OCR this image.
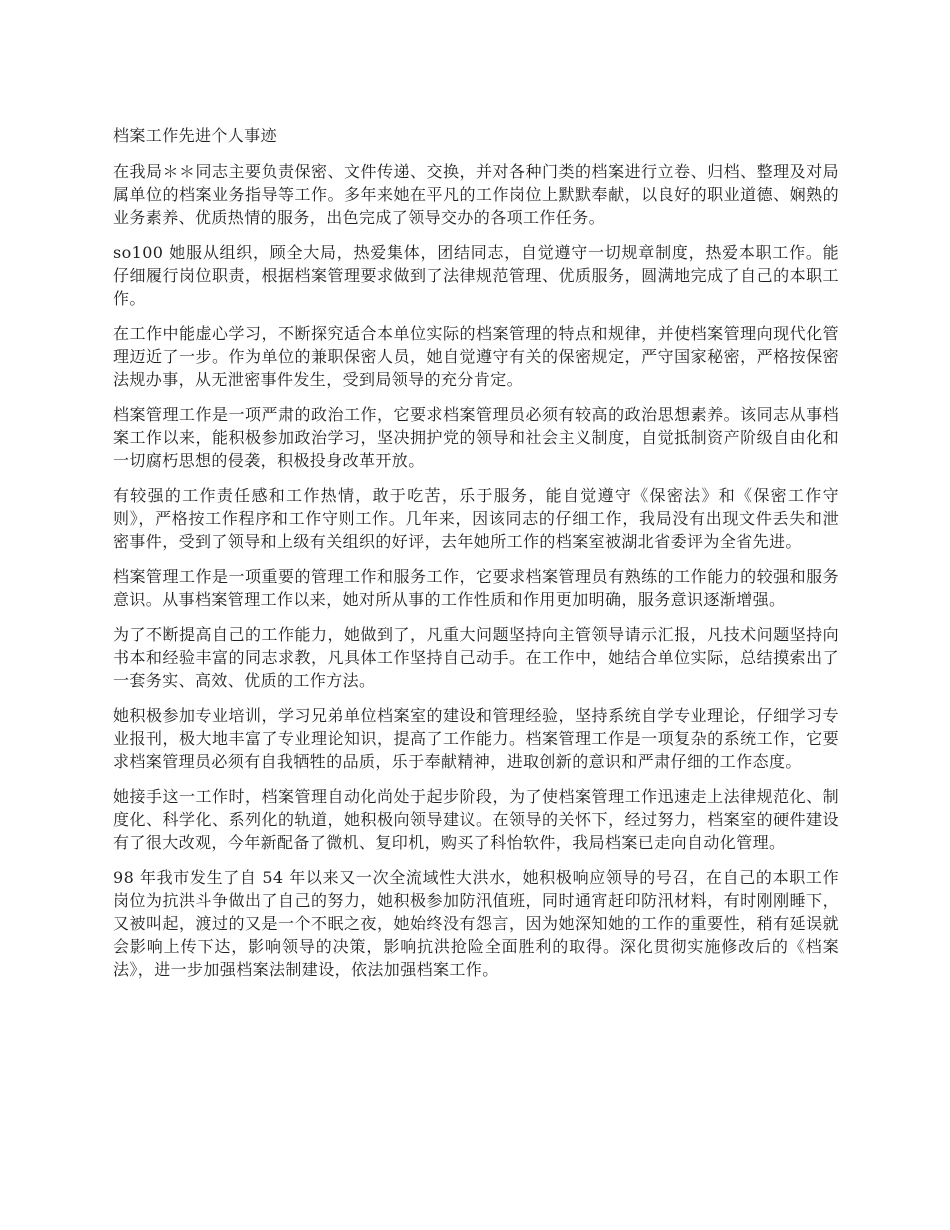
档案工作先进个人事迹

在我局＊＊同志主要负责保密、文件传递、交换，并对各种门类的档案进行立卷、归档、整理及对局属单位的档案业务指导等工作。多年来她在平凡的工作岗位上默默奉献，以良好的职业道德、娴熟的业务素养、优质热情的服务，出色完成了领导交办的各项工作任务。

so100 她服从组织，顾全大局，热爱集体，团结同志，自觉遵守一切规章制度，热爱本职工作。能仔细履行岗位职责，根据档案管理要求做到了法律规范管理、优质服务，圆满地完成了自己的本职工作。

在工作中能虚心学习，不断探究适合本单位实际的档案管理的特点和规律，并使档案管理向现代化管理迈近了一步。作为单位的兼职保密人员，她自觉遵守有关的保密规定，严守国家秘密，严格按保密法规办事，从无泄密事件发生，受到局领导的充分肯定。

档案管理工作是一项严肃的政治工作，它要求档案管理员必须有较高的政治思想素养。该同志从事档案工作以来，能积极参加政治学习，坚决拥护党的领导和社会主义制度，自觉抵制资产阶级自由化和一切腐朽思想的侵袭，积极投身改革开放。

有较强的工作责任感和工作热情，敢于吃苦，乐于服务，能自觉遵守《保密法》和《保密工作守则》，严格按工作程序和工作守则工作。几年来，因该同志的仔细工作，我局没有出现文件丢失和泄密事件，受到了领导和上级有关组织的好评，去年她所工作的档案室被湖北省委评为全省先进。

档案管理工作是一项重要的管理工作和服务工作，它要求档案管理员有熟练的工作能力的较强和服务意识。从事档案管理工作以来，她对所从事的工作性质和作用更加明确，服务意识逐渐增强。

为了不断提高自己的工作能力，她做到了，凡重大问题坚持向主管领导请示汇报，凡技术问题坚持向书本和经验丰富的同志求教，凡具体工作坚持自己动手。在工作中，她结合单位实际，总结摸索出了一套务实、高效、优质的工作方法。

她积极参加专业培训，学习兄弟单位档案室的建设和管理经验，坚持系统自学专业理论，仔细学习专业报刊，极大地丰富了专业理论知识，提高了工作能力。档案管理工作是一项复杂的系统工作，它要求档案管理员必须有自我牺牲的品质，乐于奉献精神，进取创新的意识和严肃仔细的工作态度。

她接手这一工作时，档案管理自动化尚处于起步阶段，为了使档案管理工作迅速走上法律规范化、制度化、科学化、系列化的轨道，她积极向领导建议。在领导的关怀下，经过努力，档案室的硬件建设有了很大改观，今年新配备了微机、复印机，购买了科怡软件，我局档案已走向自动化管理。

98 年我市发生了自 54 年以来又一次全流域性大洪水，她积极响应领导的号召，在自己的本职工作岗位为抗洪斗争做出了自己的努力，她积极参加防汛值班，同时通宵赶印防汛材料，有时刚刚睡下，又被叫起，渡过的又是一个不眠之夜，她始终没有怨言，因为她深知她的工作的重要性，稍有延误就会影响上传下达，影响领导的决策，影响抗洪抢险全面胜利的取得。深化贯彻实施修改后的《档案法》，进一步加强档案法制建设，依法加强档案工作。
